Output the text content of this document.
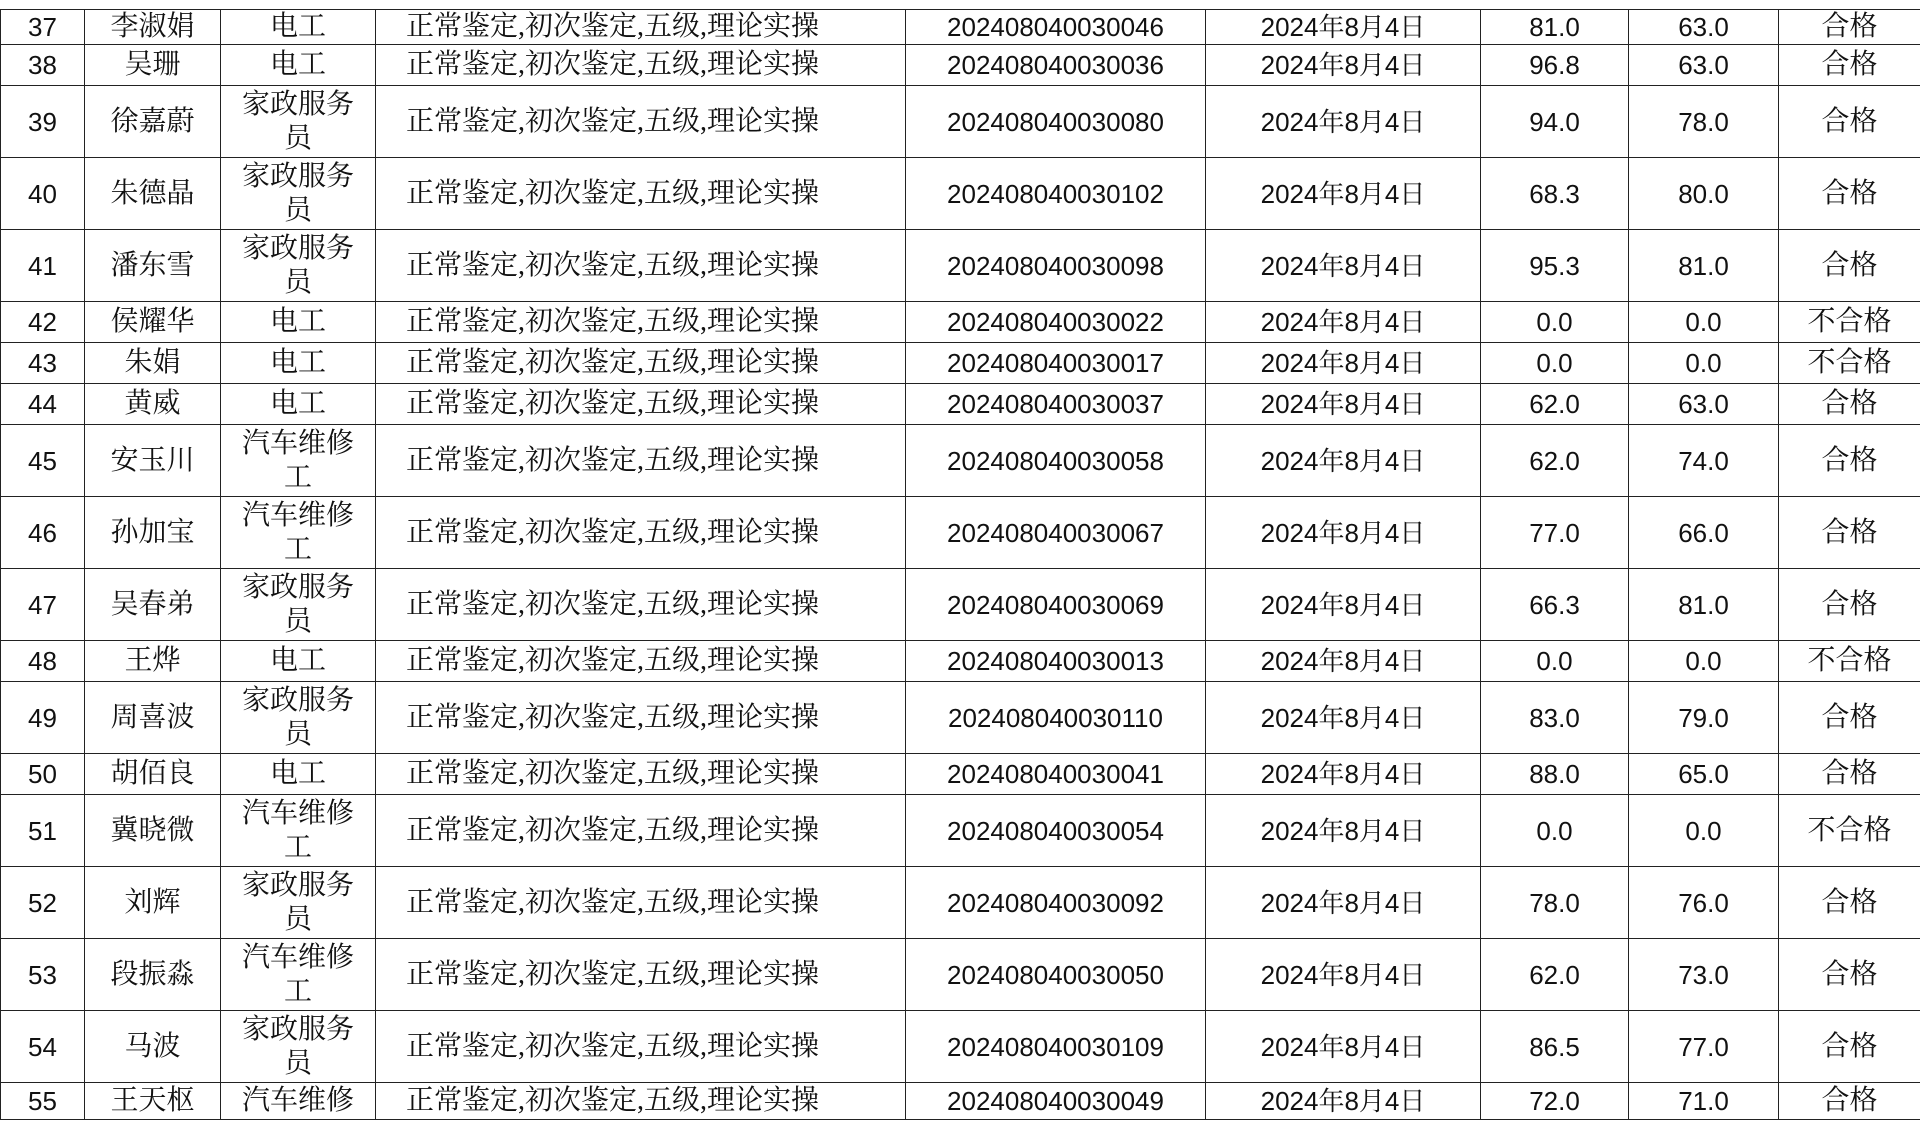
37	李淑娟	电工	正常鉴定,初次鉴定,五级,理论实操	202408040030046	2024年8月4日	81.0	63.0	合格
38	吴珊	电工	正常鉴定,初次鉴定,五级,理论实操	202408040030036	2024年8月4日	96.8	63.0	合格
39	徐嘉蔚	家政服务员	正常鉴定,初次鉴定,五级,理论实操	202408040030080	2024年8月4日	94.0	78.0	合格
40	朱德晶	家政服务员	正常鉴定,初次鉴定,五级,理论实操	202408040030102	2024年8月4日	68.3	80.0	合格
41	潘东雪	家政服务员	正常鉴定,初次鉴定,五级,理论实操	202408040030098	2024年8月4日	95.3	81.0	合格
42	侯耀华	电工	正常鉴定,初次鉴定,五级,理论实操	202408040030022	2024年8月4日	0.0	0.0	不合格
43	朱娟	电工	正常鉴定,初次鉴定,五级,理论实操	202408040030017	2024年8月4日	0.0	0.0	不合格
44	黄威	电工	正常鉴定,初次鉴定,五级,理论实操	202408040030037	2024年8月4日	62.0	63.0	合格
45	安玉川	汽车维修工	正常鉴定,初次鉴定,五级,理论实操	202408040030058	2024年8月4日	62.0	74.0	合格
46	孙加宝	汽车维修工	正常鉴定,初次鉴定,五级,理论实操	202408040030067	2024年8月4日	77.0	66.0	合格
47	吴春弟	家政服务员	正常鉴定,初次鉴定,五级,理论实操	202408040030069	2024年8月4日	66.3	81.0	合格
48	王烨	电工	正常鉴定,初次鉴定,五级,理论实操	202408040030013	2024年8月4日	0.0	0.0	不合格
49	周喜波	家政服务员	正常鉴定,初次鉴定,五级,理论实操	202408040030110	2024年8月4日	83.0	79.0	合格
50	胡佰良	电工	正常鉴定,初次鉴定,五级,理论实操	202408040030041	2024年8月4日	88.0	65.0	合格
51	冀晓微	汽车维修工	正常鉴定,初次鉴定,五级,理论实操	202408040030054	2024年8月4日	0.0	0.0	不合格
52	刘辉	家政服务员	正常鉴定,初次鉴定,五级,理论实操	202408040030092	2024年8月4日	78.0	76.0	合格
53	段振淼	汽车维修工	正常鉴定,初次鉴定,五级,理论实操	202408040030050	2024年8月4日	62.0	73.0	合格
54	马波	家政服务员	正常鉴定,初次鉴定,五级,理论实操	202408040030109	2024年8月4日	86.5	77.0	合格
55	王天枢	汽车维修	正常鉴定,初次鉴定,五级,理论实操	202408040030049	2024年8月4日	72.0	71.0	合格
